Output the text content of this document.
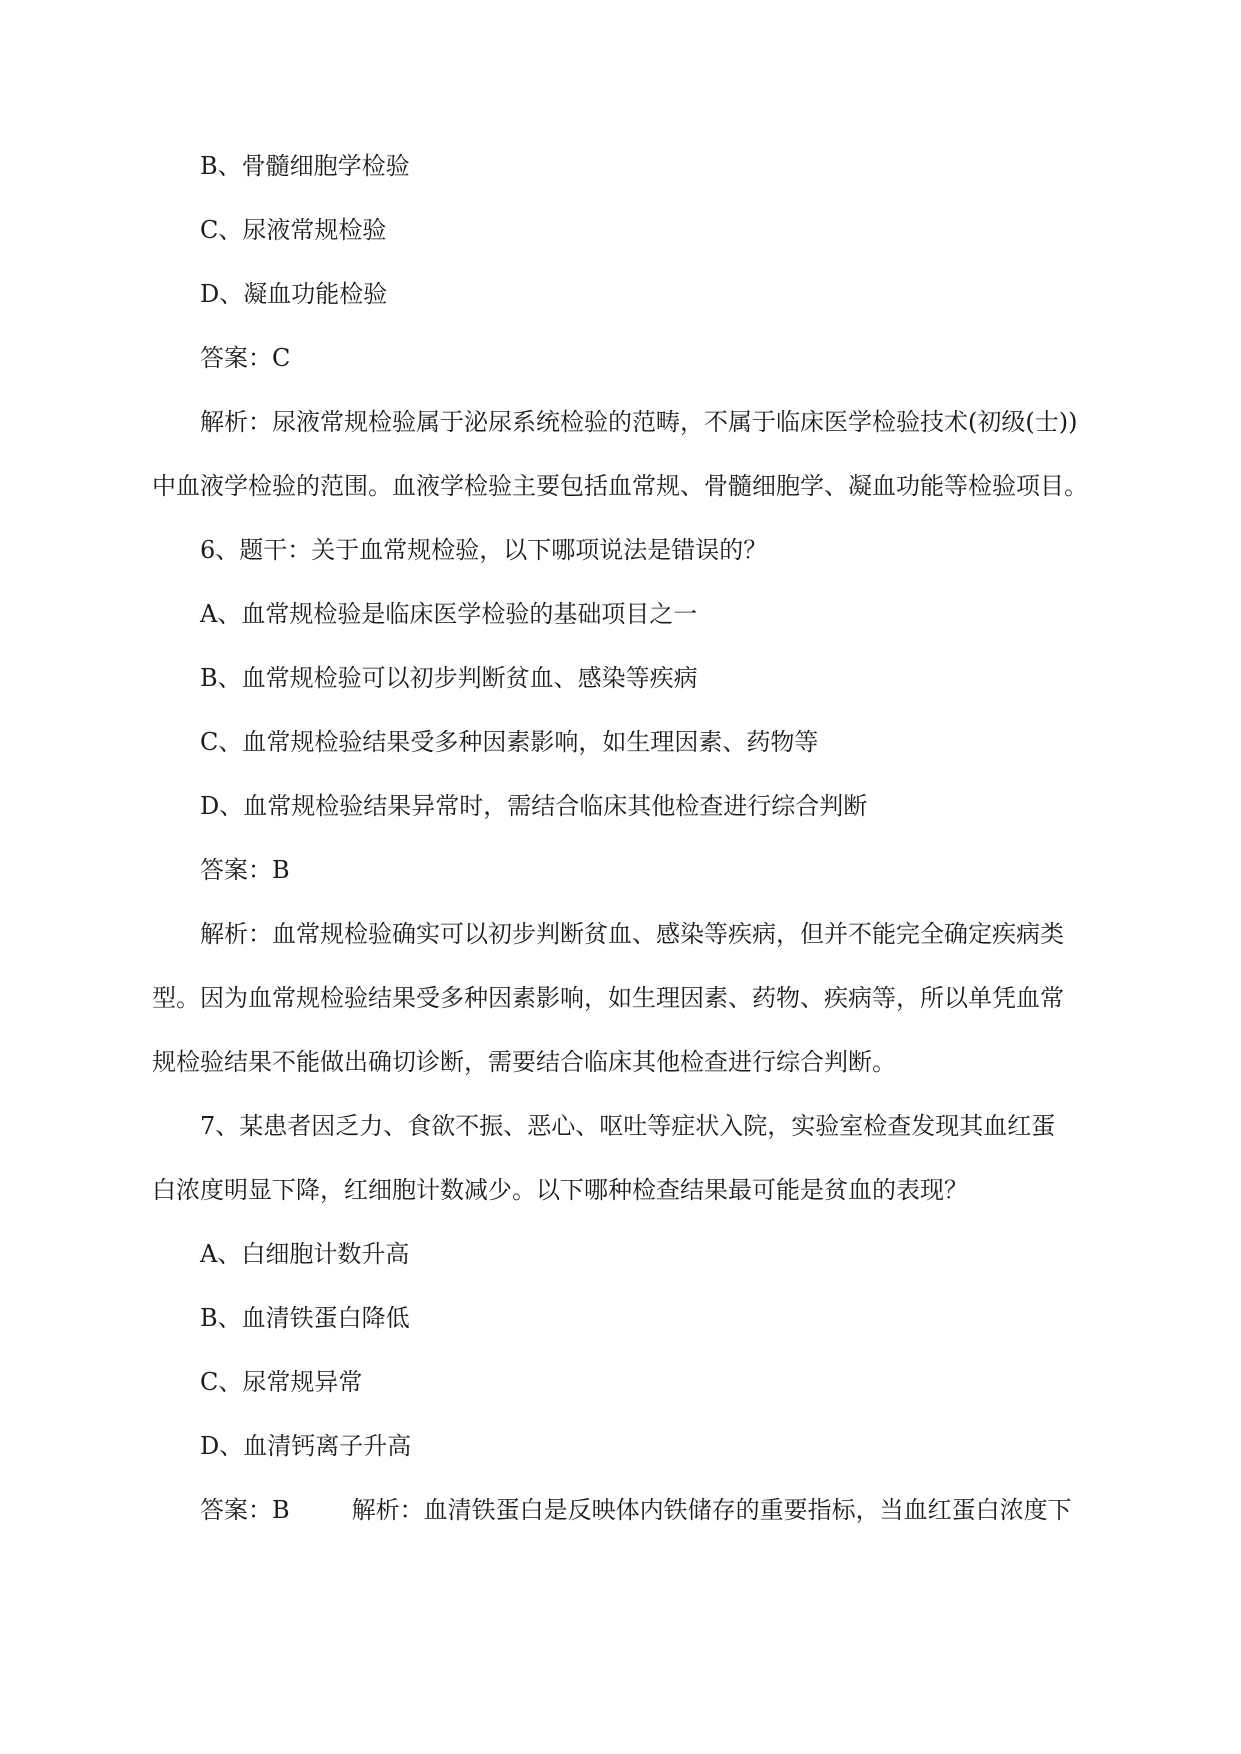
B、骨髓细胞学检验
C、尿液常规检验
D、凝血功能检验
答案：C
解析：尿液常规检验属于泌尿系统检验的范畴，不属于临床医学检验技术(初级(士))
中血液学检验的范围。血液学检验主要包括血常规、骨髓细胞学、凝血功能等检验项目。
6、题干：关于血常规检验，以下哪项说法是错误的？
A、血常规检验是临床医学检验的基础项目之一
B、血常规检验可以初步判断贫血、感染等疾病
C、血常规检验结果受多种因素影响，如生理因素、药物等
D、血常规检验结果异常时，需结合临床其他检查进行综合判断
答案：B
解析：血常规检验确实可以初步判断贫血、感染等疾病，但并不能完全确定疾病类
型。因为血常规检验结果受多种因素影响，如生理因素、药物、疾病等，所以单凭血常
规检验结果不能做出确切诊断，需要结合临床其他检查进行综合判断。
7、某患者因乏力、食欲不振、恶心、呕吐等症状入院，实验室检查发现其血红蛋
白浓度明显下降，红细胞计数减少。以下哪种检查结果最可能是贫血的表现？
A、白细胞计数升高
B、血清铁蛋白降低
C、尿常规异常
D、血清钙离子升高
答案：B	解析：血清铁蛋白是反映体内铁储存的重要指标，当血红蛋白浓度下
